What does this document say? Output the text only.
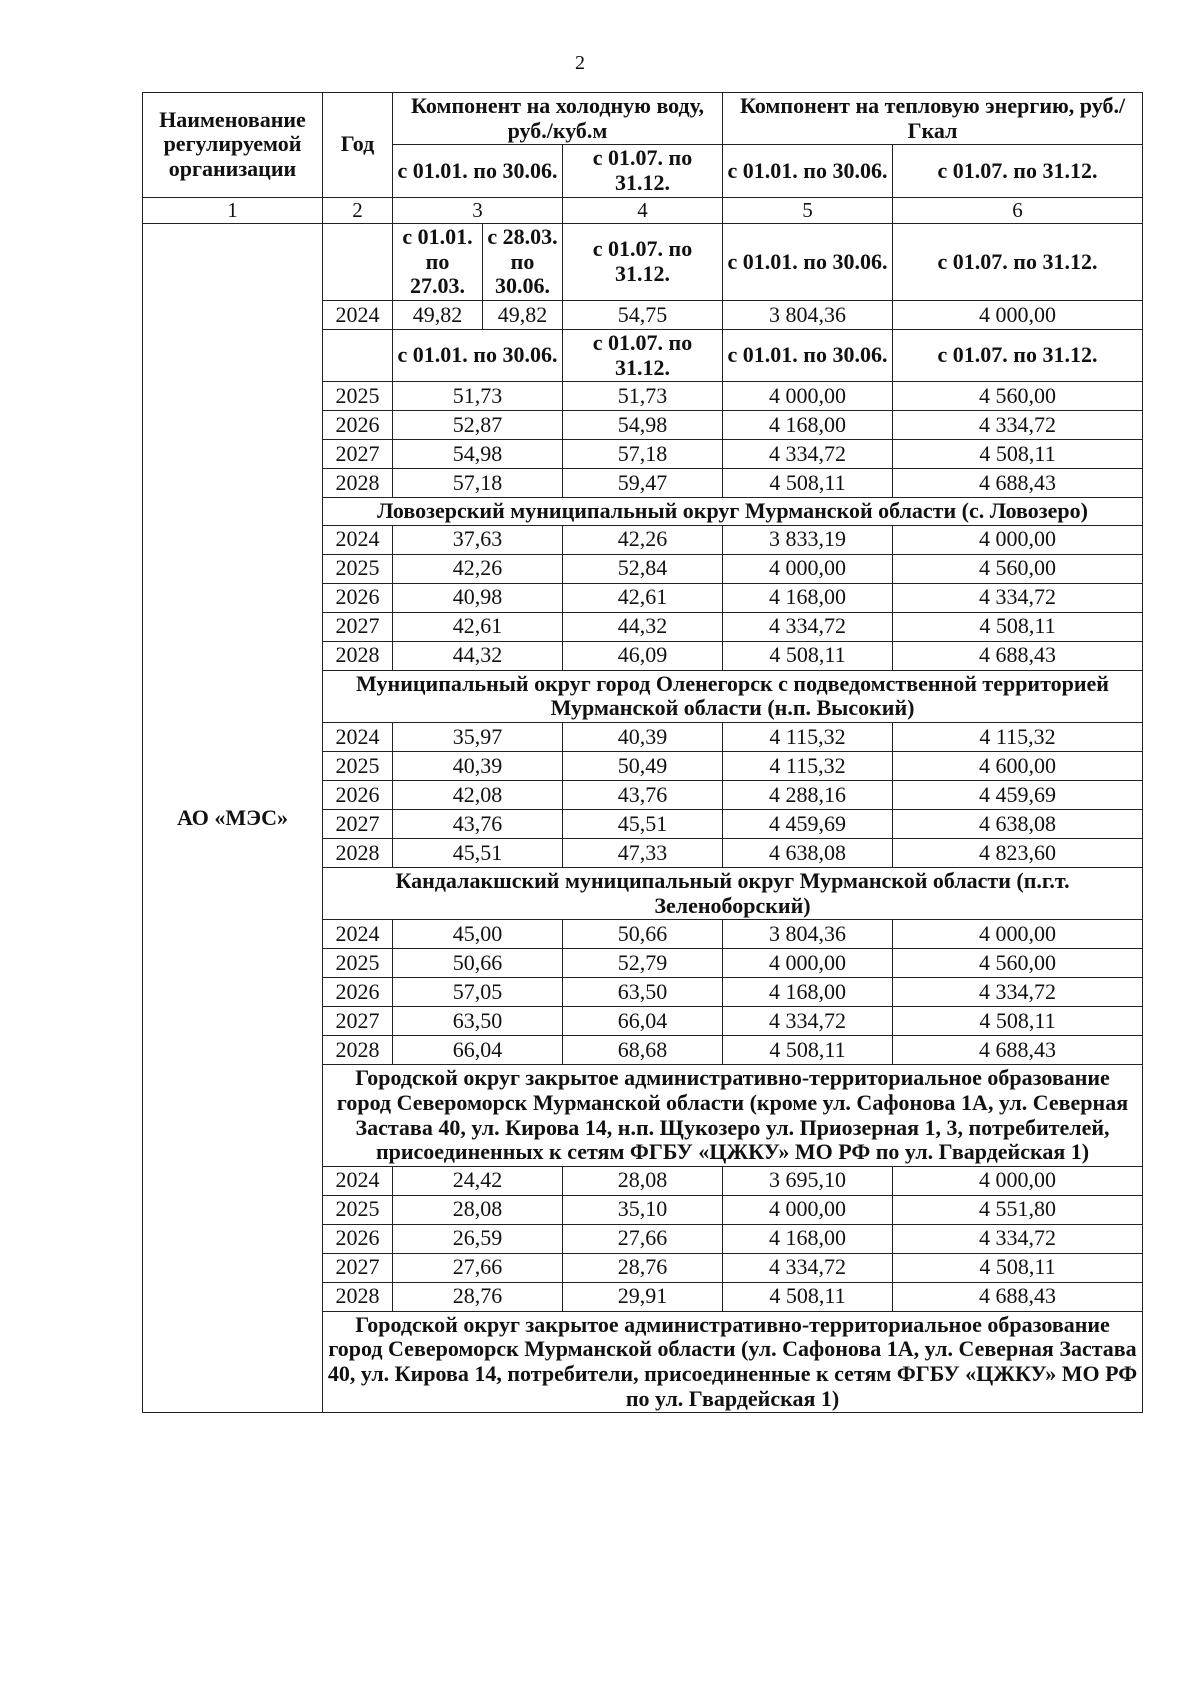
2
Наименование регулируемой организации	Год	Компонент на холодную воду, руб./куб.м			Компонент на тепловую энергию, руб./Гкал	
		с 01.01. по 30.06.		с 01.07. по 31.12.	с 01.01. по 30.06.	с 01.07. по 31.12.
1	2	3		4	5	6
АО «МЭС»		с 01.01. по 27.03.	с 28.03. по 30.06.	с 01.07. по 31.12.	с 01.01. по 30.06.	с 01.07. по 31.12.
	2024	49,82	49,82	54,75	3 804,36	4 000,00
		с 01.01. по 30.06.		с 01.07. по 31.12.	с 01.01. по 30.06.	с 01.07. по 31.12.
	2025	51,73		51,73	4 000,00	4 560,00
	2026	52,87		54,98	4 168,00	4 334,72
	2027	54,98		57,18	4 334,72	4 508,11
	2028	57,18		59,47	4 508,11	4 688,43
	Ловозерский муниципальный округ Мурманской области (с. Ловозеро)					
	2024	37,63		42,26	3 833,19	4 000,00
	2025	42,26		52,84	4 000,00	4 560,00
	2026	40,98		42,61	4 168,00	4 334,72
	2027	42,61		44,32	4 334,72	4 508,11
	2028	44,32		46,09	4 508,11	4 688,43
	Муниципальный округ город Оленегорск с подведомственной территорией Мурманской области (н.п. Высокий)					
	2024	35,97		40,39	4 115,32	4 115,32
	2025	40,39		50,49	4 115,32	4 600,00
	2026	42,08		43,76	4 288,16	4 459,69
	2027	43,76		45,51	4 459,69	4 638,08
	2028	45,51		47,33	4 638,08	4 823,60
	Кандалакшский муниципальный округ Мурманской области (п.г.т. Зеленоборский)					
	2024	45,00		50,66	3 804,36	4 000,00
	2025	50,66		52,79	4 000,00	4 560,00
	2026	57,05		63,50	4 168,00	4 334,72
	2027	63,50		66,04	4 334,72	4 508,11
	2028	66,04		68,68	4 508,11	4 688,43
	Городской округ закрытое административно-территориальное образование город Североморск Мурманской области (кроме ул. Сафонова 1А, ул. Северная Застава 40, ул. Кирова 14, н.п. Щукозеро ул. Приозерная 1, 3, потребителей, присоединенных к сетям ФГБУ «ЦЖКУ» МО РФ по ул. Гвардейская 1)					
	2024	24,42		28,08	3 695,10	4 000,00
	2025	28,08		35,10	4 000,00	4 551,80
	2026	26,59		27,66	4 168,00	4 334,72
	2027	27,66		28,76	4 334,72	4 508,11
	2028	28,76		29,91	4 508,11	4 688,43
	Городской округ закрытое административно-территориальное образование город Североморск Мурманской области (ул. Сафонова 1А, ул. Северная Застава 40, ул. Кирова 14, потребители, присоединенные к сетям ФГБУ «ЦЖКУ» МО РФ по ул. Гвардейская 1)					
